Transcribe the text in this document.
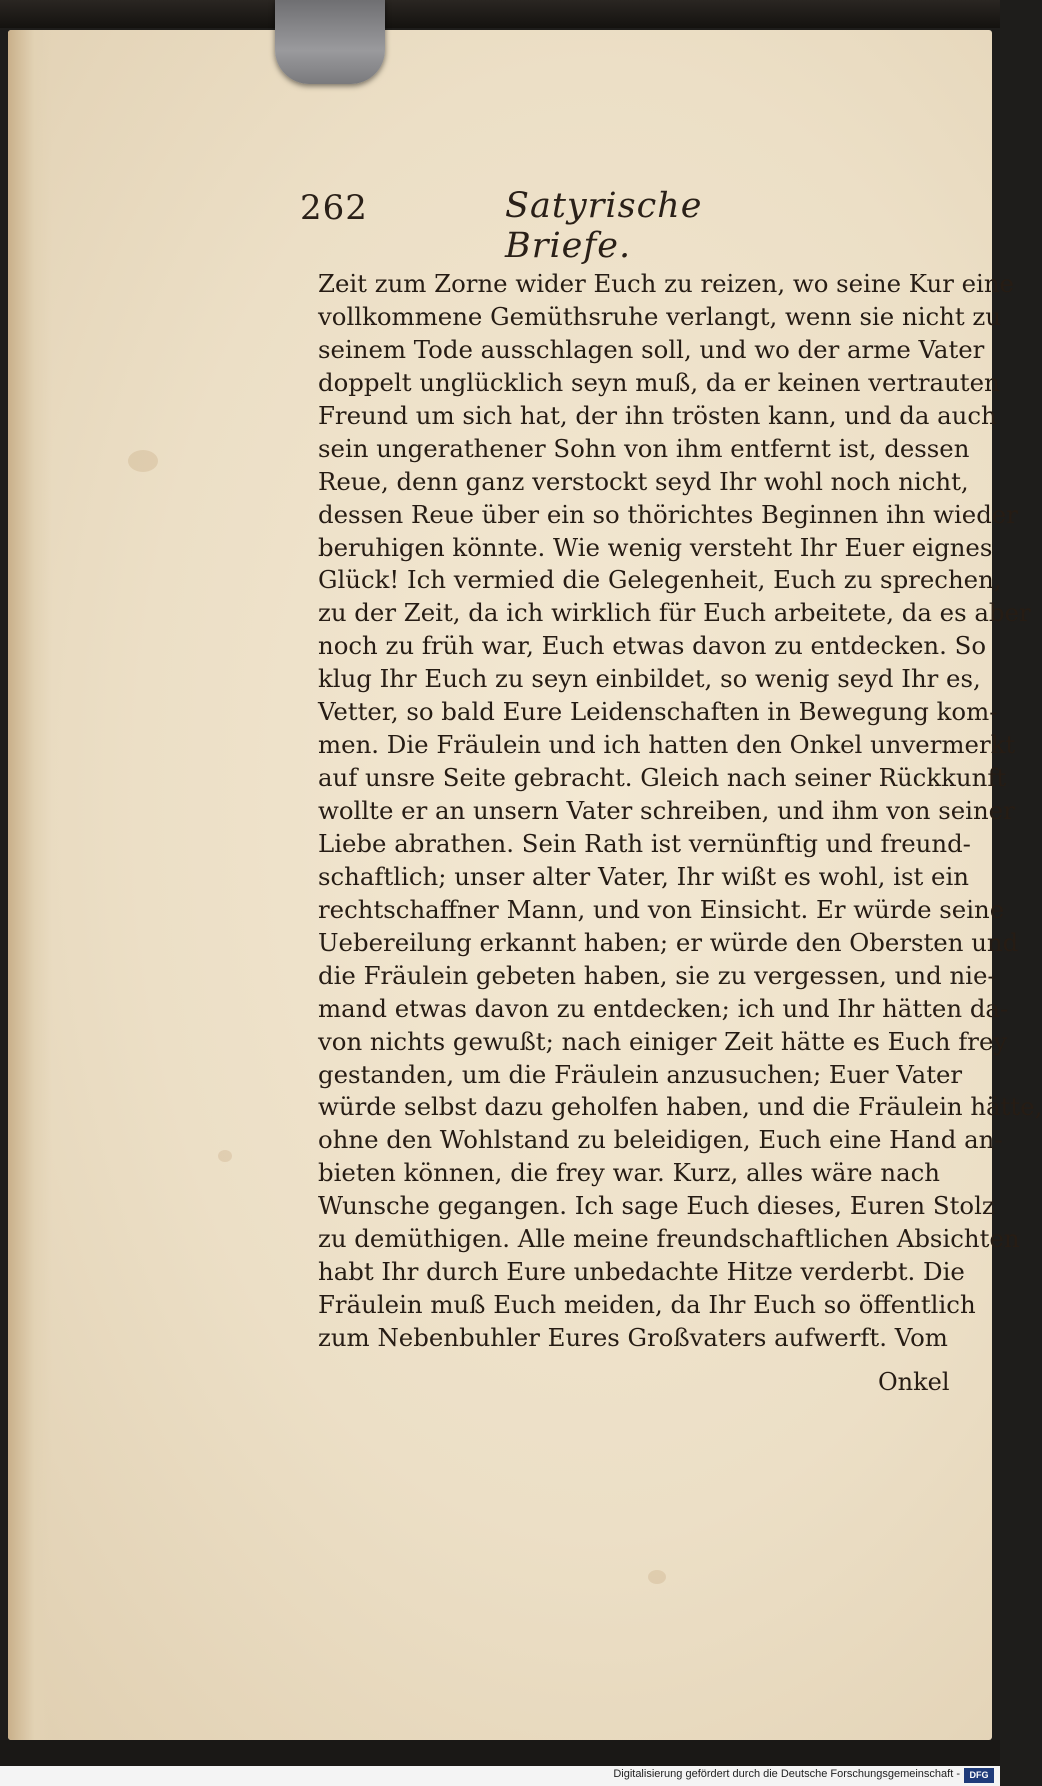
262	Satyrische Briefe.
Zeit zum Zorne wider Euch zu reizen, wo seine Kur eine
vollkommene Gemüthsruhe verlangt, wenn sie nicht zu
seinem Tode ausschlagen soll, und wo der arme Vater
doppelt unglücklich seyn muß, da er keinen vertrauten
Freund um sich hat, der ihn trösten kann, und da auch
sein ungerathener Sohn von ihm entfernt ist, dessen
Reue, denn ganz verstockt seyd Ihr wohl noch nicht,
dessen Reue über ein so thörichtes Beginnen ihn wieder
beruhigen könnte. Wie wenig versteht Ihr Euer eignes
Glück! Ich vermied die Gelegenheit, Euch zu sprechen,
zu der Zeit, da ich wirklich für Euch arbeitete, da es aber
noch zu früh war, Euch etwas davon zu entdecken. So
klug Ihr Euch zu seyn einbildet, so wenig seyd Ihr es,
Vetter, so bald Eure Leidenschaften in Bewegung kom-
men. Die Fräulein und ich hatten den Onkel unvermerkt
auf unsre Seite gebracht. Gleich nach seiner Rückkunft
wollte er an unsern Vater schreiben, und ihm von seiner
Liebe abrathen. Sein Rath ist vernünftig und freund-
schaftlich; unser alter Vater, Ihr wißt es wohl, ist ein
rechtschaffner Mann, und von Einsicht. Er würde seine
Uebereilung erkannt haben; er würde den Obersten und
die Fräulein gebeten haben, sie zu vergessen, und nie-
mand etwas davon zu entdecken; ich und Ihr hätten da-
von nichts gewußt; nach einiger Zeit hätte es Euch frey
gestanden, um die Fräulein anzusuchen; Euer Vater
würde selbst dazu geholfen haben, und die Fräulein hätte,
ohne den Wohlstand zu beleidigen, Euch eine Hand an-
bieten können, die frey war. Kurz, alles wäre nach
Wunsche gegangen. Ich sage Euch dieses, Euren Stolz
zu demüthigen. Alle meine freundschaftlichen Absichten
habt Ihr durch Eure unbedachte Hitze verderbt. Die
Fräulein muß Euch meiden, da Ihr Euch so öffentlich
zum Nebenbuhler Eures Großvaters aufwerft. Vom
Onkel
Digitalisierung gefördert durch die Deutsche Forschungsgemeinschaft -	DFG
